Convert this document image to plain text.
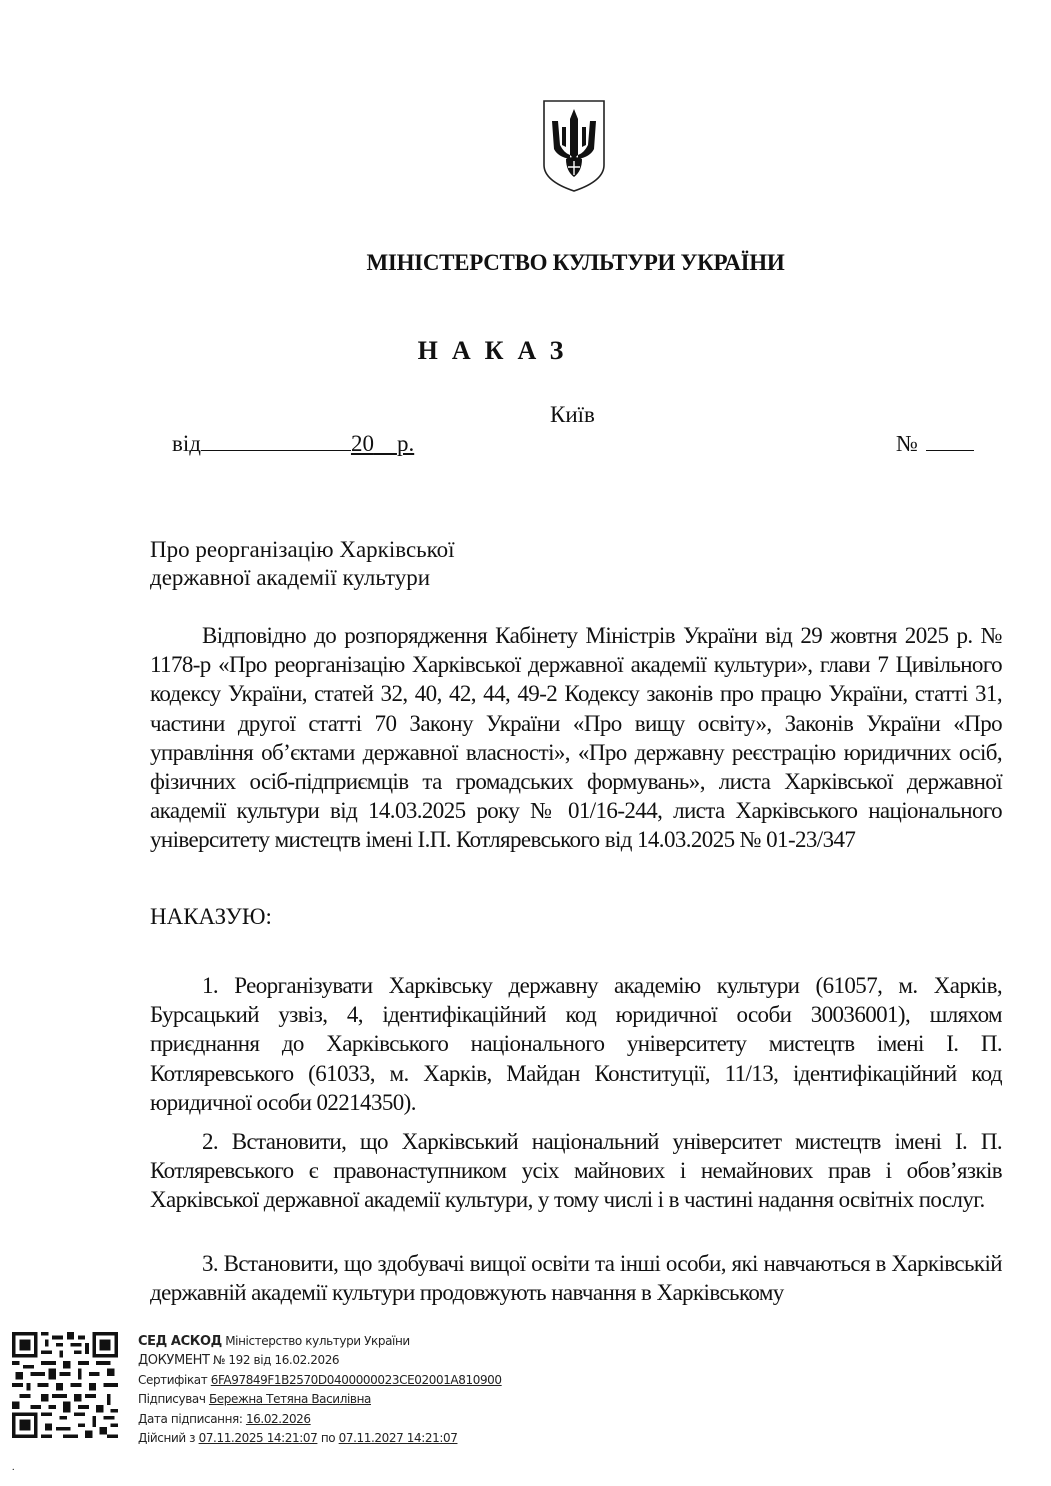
МІНІСТЕРСТВО КУЛЬТУРИ УКРАЇНИ
НАКАЗ
Київ
від	20 р.	№
Про реорганізацію Харківської
державної академії культури
Відповідно до розпорядження Кабінету Міністрів України від 29 жовтня 2025 р. № 1178-р «Про реорганізацію Харківської державної академії культури», глави 7 Цивільного кодексу України, статей 32, 40, 42, 44, 49-2 Кодексу законів про працю України, статті 31, частини другої статті 70 Закону України «Про вищу освіту», Законів України «Про управління об’єктами державної власності», «Про державну реєстрацію юридичних осіб, фізичних осіб-підприємців та громадських формувань», листа Харківської державної академії культури від 14.03.2025 року № 01/16-244, листа Харківського національного університету мистецтв імені І.П. Котляревського від 14.03.2025 № 01-23/347
НАКАЗУЮ:
1. Реорганізувати Харківську державну академію культури (61057, м. Харків, Бурсацький узвіз, 4, ідентифікаційний код юридичної особи 30036001), шляхом приєднання до Харківського національного університету мистецтв імені І. П. Котляревського (61033, м. Харків, Майдан Конституції, 11/13, ідентифікаційний код юридичної особи 02214350).
2. Встановити, що Харківський національний університет мистецтв імені І. П. Котляревського є правонаступником усіх майнових і немайнових прав і обов’язків Харківської державної академії культури, у тому числі і в частині надання освітніх послуг.
3. Встановити, що здобувачі вищої освіти та інші особи, які навчаються в Харківській державній академії культури продовжують навчання в Харківському
СЕД АСКОД Міністерство культури України
ДОКУМЕНТ № 192 від 16.02.2026
Сертифікат 6FA97849F1B2570D0400000023CE02001A810900
Підписувач Бережна Тетяна Василівна
Дата підписання: 16.02.2026
Дійсний з 07.11.2025 14:21:07 по 07.11.2027 14:21:07
.
